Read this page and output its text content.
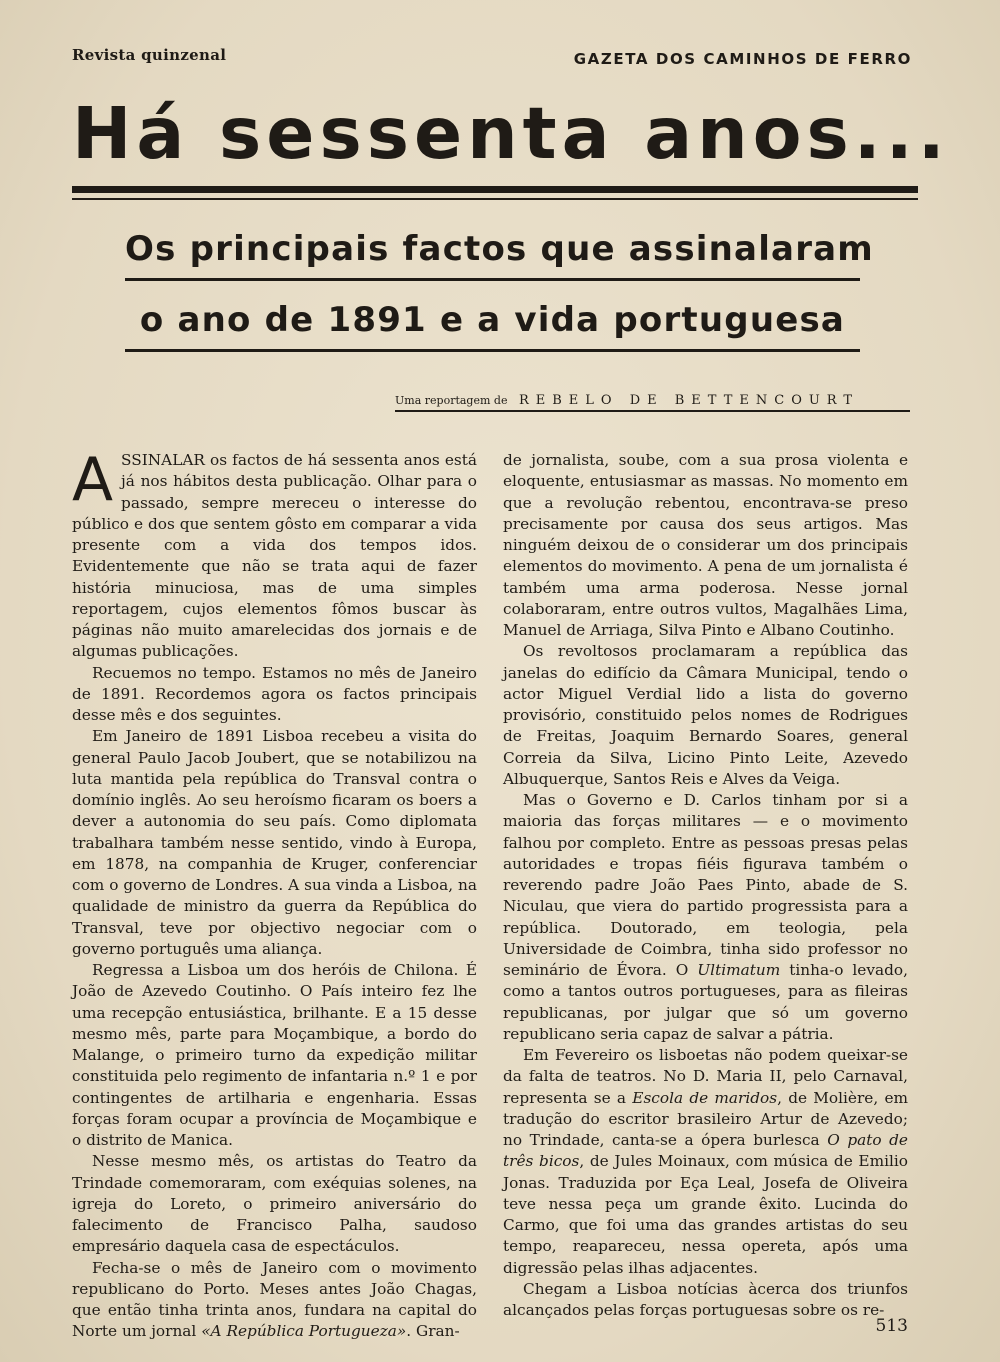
Revista quinzenal	GAZETA DOS CAMINHOS DE FERRO
Há sessenta anos...
Os principais factos que assinalaram
o ano de 1891 e a vida portuguesa
Uma reportagem de REBELO DE BETTENCOURT

ASSINALAR os factos de há sessenta anos está já nos hábitos desta publicação. Olhar para o passado, sempre mereceu o interesse do público e dos que sentem gôsto em comparar a vida presente com a vida dos tempos idos. Evidentemente que não se trata aqui de fazer história minuciosa, mas de uma simples reportagem, cujos elementos fômos buscar às páginas não muito amarelecidas dos jornais e de algumas publicações.

Recuemos no tempo. Estamos no mês de Janeiro de 1891. Recordemos agora os factos principais desse mês e dos seguintes.

Em Janeiro de 1891 Lisboa recebeu a visita do general Paulo Jacob Joubert, que se notabilizou na luta mantida pela república do Transval contra o domínio inglês. Ao seu heroísmo ficaram os boers a dever a autonomia do seu país. Como diplomata trabalhara também nesse sentido, vindo à Europa, em 1878, na companhia de Kruger, conferenciar com o governo de Londres. A sua vinda a Lisboa, na qualidade de ministro da guerra da República do Transval, teve por objectivo negociar com o governo português uma aliança.

Regressa a Lisboa um dos heróis de Chilona. É João de Azevedo Coutinho. O País inteiro fez lhe uma recepção entusiástica, brilhante. E a 15 desse mesmo mês, parte para Moçambique, a bordo do Malange, o primeiro turno da expedição militar constituida pelo regimento de infantaria n.º 1 e por contingentes de artilharia e engenharia. Essas forças foram ocupar a província de Moçambique e o distrito de Manica.

Nesse mesmo mês, os artistas do Teatro da Trindade comemoraram, com exéquias solenes, na igreja do Loreto, o primeiro aniversário do falecimento de Francisco Palha, saudoso empresário daquela casa de espectáculos.

Fecha-se o mês de Janeiro com o movimento republicano do Porto. Meses antes João Chagas, que então tinha trinta anos, fundara na capital do Norte um jornal «A República Portugueza». Gran-

de jornalista, soube, com a sua prosa violenta e eloquente, entusiasmar as massas. No momento em que a revolução rebentou, encontrava-se preso precisamente por causa dos seus artigos. Mas ninguém deixou de o considerar um dos principais elementos do movimento. A pena de um jornalista é também uma arma poderosa. Nesse jornal colaboraram, entre outros vultos, Magalhães Lima, Manuel de Arriaga, Silva Pinto e Albano Coutinho.

Os revoltosos proclamaram a república das janelas do edifício da Câmara Municipal, tendo o actor Miguel Verdial lido a lista do governo provisório, constituido pelos nomes de Rodrigues de Freitas, Joaquim Bernardo Soares, general Correia da Silva, Licino Pinto Leite, Azevedo Albuquerque, Santos Reis e Alves da Veiga.

Mas o Governo e D. Carlos tinham por si a maioria das forças militares — e o movimento falhou por completo. Entre as pessoas presas pelas autoridades e tropas fiéis figurava também o reverendo padre João Paes Pinto, abade de S. Niculau, que viera do partido progressista para a república. Doutorado, em teologia, pela Universidade de Coimbra, tinha sido professor no seminário de Évora. O Ultimatum tinha-o levado, como a tantos outros portugueses, para as fileiras republicanas, por julgar que só um governo republicano seria capaz de salvar a pátria.

Em Fevereiro os lisboetas não podem queixar-se da falta de teatros. No D. Maria II, pelo Carnaval, representa se a Escola de maridos, de Molière, em tradução do escritor brasileiro Artur de Azevedo; no Trindade, canta-se a ópera burlesca O pato de três bicos, de Jules Moinaux, com música de Emilio Jonas. Traduzida por Eça Leal, Josefa de Oliveira teve nessa peça um grande êxito. Lucinda do Carmo, que foi uma das grandes artistas do seu tempo, reapareceu, nessa opereta, após uma digressão pelas ilhas adjacentes.

Chegam a Lisboa notícias àcerca dos triunfos alcançados pelas forças portuguesas sobre os re-

513
